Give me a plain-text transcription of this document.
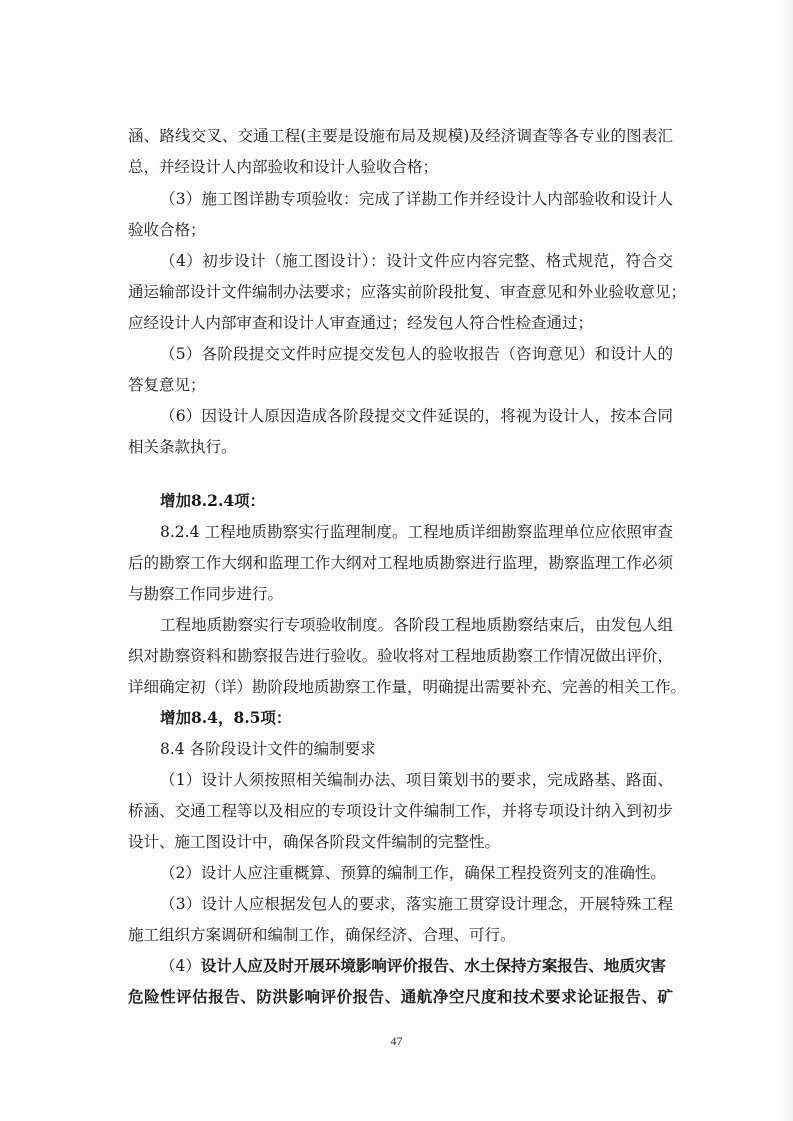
涵、路线交叉、交通工程(主要是设施布局及规模)及经济调查等各专业的图表汇
总，并经设计人内部验收和设计人验收合格；
（3）施工图详勘专项验收：完成了详勘工作并经设计人内部验收和设计人
验收合格；
（4）初步设计（施工图设计）：设计文件应内容完整、格式规范，符合交
通运输部设计文件编制办法要求；应落实前阶段批复、审查意见和外业验收意见；
应经设计人内部审查和设计人审查通过；经发包人符合性检查通过；
（5）各阶段提交文件时应提交发包人的验收报告（咨询意见）和设计人的
答复意见；
（6）因设计人原因造成各阶段提交文件延误的，将视为设计人，按本合同
相关条款执行。
增加8.2.4项：
8.2.4 工程地质勘察实行监理制度。工程地质详细勘察监理单位应依照审查
后的勘察工作大纲和监理工作大纲对工程地质勘察进行监理，勘察监理工作必须
与勘察工作同步进行。
工程地质勘察实行专项验收制度。各阶段工程地质勘察结束后，由发包人组
织对勘察资料和勘察报告进行验收。验收将对工程地质勘察工作情况做出评价，
详细确定初（详）勘阶段地质勘察工作量，明确提出需要补充、完善的相关工作。
增加8.4，8.5项：
8.4 各阶段设计文件的编制要求
（1）设计人须按照相关编制办法、项目策划书的要求，完成路基、路面、
桥涵、交通工程等以及相应的专项设计文件编制工作，并将专项设计纳入到初步
设计、施工图设计中，确保各阶段文件编制的完整性。
（2）设计人应注重概算、预算的编制工作，确保工程投资列支的准确性。
（3）设计人应根据发包人的要求，落实施工贯穿设计理念，开展特殊工程
施工组织方案调研和编制工作，确保经济、合理、可行。
（4）设计人应及时开展环境影响评价报告、水土保持方案报告、地质灾害
危险性评估报告、防洪影响评价报告、通航净空尺度和技术要求论证报告、矿
47
